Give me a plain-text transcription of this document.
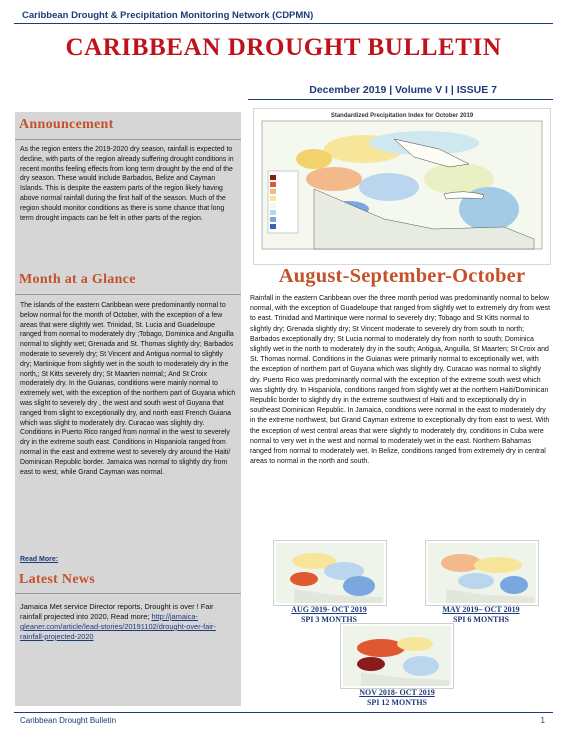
Caribbean Drought & Precipitation Monitoring Network (CDPMN)
CARIBBEAN DROUGHT BULLETIN
December 2019 | Volume V I | ISSUE 7
Announcement
As the region enters the 2019-2020 dry season, rainfall is expected to decline, with parts of the region already suffering drought conditions in recent months feeling effects from long term drought by the end of the dry season. These would include Barbados, Belize and Cayman Islands. This is despite the eastern parts of the region likely having above normal rainfall during the first half of the season. Much of the region should monitor conditions as there is some chance that long term drought impacts can be felt in other parts of the region.
Month at a Glance
The islands of the eastern Caribbean were predominantly normal to below normal for the month of October, with the exception of a few areas that were slightly wet. Trinidad, St. Lucia and Guadeloupe ranged from normal to moderately dry ;Tobago, Dominica and Anguilla normal to slightly wet; Grenada and St. Thomas slightly dry; Barbados moderate to severely dry; St Vincent and Antigua normal to slightly dry; Martinique from slightly wet in the south to moderately dry in the north,; St Kitts severely dry; St Maarten normal;; And St Croix moderately dry. In the Guianas, conditions were mainly normal to extremely wet, with the exception of the northern part of Guyana which was slight to severely dry , the west and south west of Guyana that ranged from slight to exceptionally dry, and north east French Guiana which was slight to moderately dry. Curacao was slightly dry. Conditions in Puerto Rico ranged from normal in the west to severely dry in the extreme south east. Conditions in Hispaniola ranged from normal in the east and extreme west to severely dry around the Haiti/ Dominican Republic border. Jamaica was normal to slightly dry from east to west, while Grand Cayman was normal.
Read More:
Latest News
Jamaica Met service Director reports, Drought is over ! Fair rainfall projected into 2020, Read more; http://jamaica-gleaner.com/article/lead-stories/20191102/drought-over-fair-rainfall-projected-2020
Standardized Precipitation Index for October 2019
August-September-October
Rainfall in the eastern Caribbean over the three month period was predominantly normal to below normal, with the exception of Guadeloupe that ranged from slightly wet to extremely dry from west to east. Trinidad and Martinique were normal to severely dry; Tobago and St Kitts normal to slightly dry; Grenada slightly dry; St Vincent moderate to severely dry from south to north; Barbados exceptionally dry; St Lucia normal to moderately dry from north to south; Dominica slightly wet in the north to moderately dry in the south; Antigua, Anguilla, St Maarten; St Croix and St. Thomas normal. Conditions in the Guianas were primarily normal to exceptionally wet, with the exception of northern part of Guyana which was slightly dry. Curacao was normal to slightly dry. Puerto Rico was predominantly normal with the exception of the extreme south west which was slightly dry. In Hispaniola, conditions ranged from slightly wet at the northern Haiti/Dominican Republic border to slightly dry in the extreme southwest of Haiti and to exceptionally dry in southeast Dominican Republic. In Jamaica, conditions were normal in the east to moderately dry in the extreme northwest, but Grand Cayman extreme to exceptionally dry from east to west. With the exception of west central areas that were slightly to moderately dry, conditions in Cuba were normal to very wet in the west and normal to moderately wet in the east. Northern Bahamas ranged from normal to moderately wet. In Belize, conditions ranged from extremely dry in central areas to normal in the north and south.
AUG 2019- OCT 2019
SPI 3 MONTHS
MAY 2019– OCT 2019
SPI 6 MONTHS
NOV 2018- OCT 2019
SPI 12 MONTHS
Caribbean Drought Bulletin	1
